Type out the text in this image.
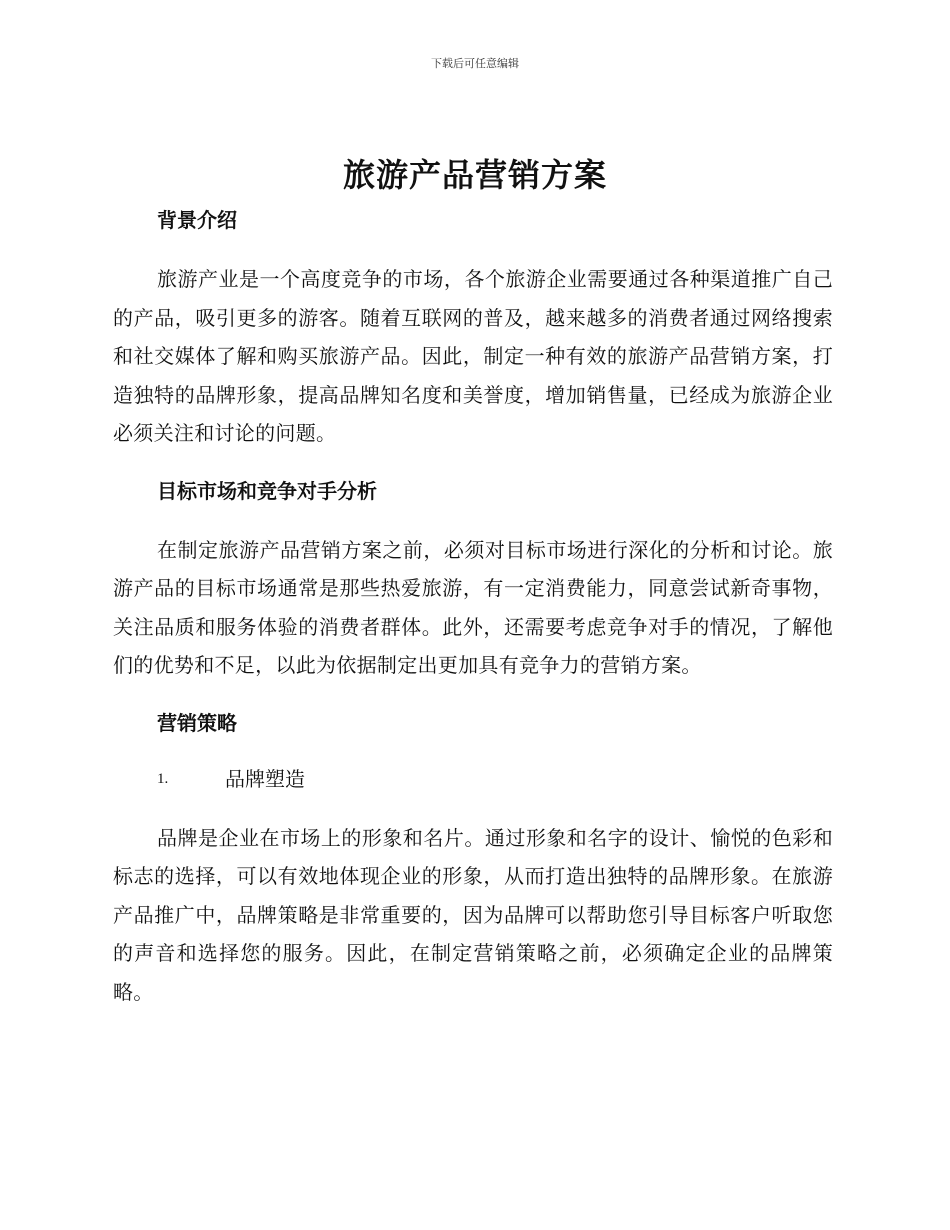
下载后可任意编辑
旅游产品营销方案
背景介绍

旅游产业是一个高度竞争的市场，各个旅游企业需要通过各种渠道推广自己的产品，吸引更多的游客。随着互联网的普及，越来越多的消费者通过网络搜索和社交媒体了解和购买旅游产品。因此，制定一种有效的旅游产品营销方案，打造独特的品牌形象，提高品牌知名度和美誉度，增加销售量，已经成为旅游企业必须关注和讨论的问题。

目标市场和竞争对手分析

在制定旅游产品营销方案之前，必须对目标市场进行深化的分析和讨论。旅游产品的目标市场通常是那些热爱旅游，有一定消费能力，同意尝试新奇事物，关注品质和服务体验的消费者群体。此外，还需要考虑竞争对手的情况，了解他们的优势和不足，以此为依据制定出更加具有竞争力的营销方案。

营销策略
1.	品牌塑造

品牌是企业在市场上的形象和名片。通过形象和名字的设计、愉悦的色彩和标志的选择，可以有效地体现企业的形象，从而打造出独特的品牌形象。在旅游产品推广中，品牌策略是非常重要的，因为品牌可以帮助您引导目标客户听取您的声音和选择您的服务。因此，在制定营销策略之前，必须确定企业的品牌策略。
